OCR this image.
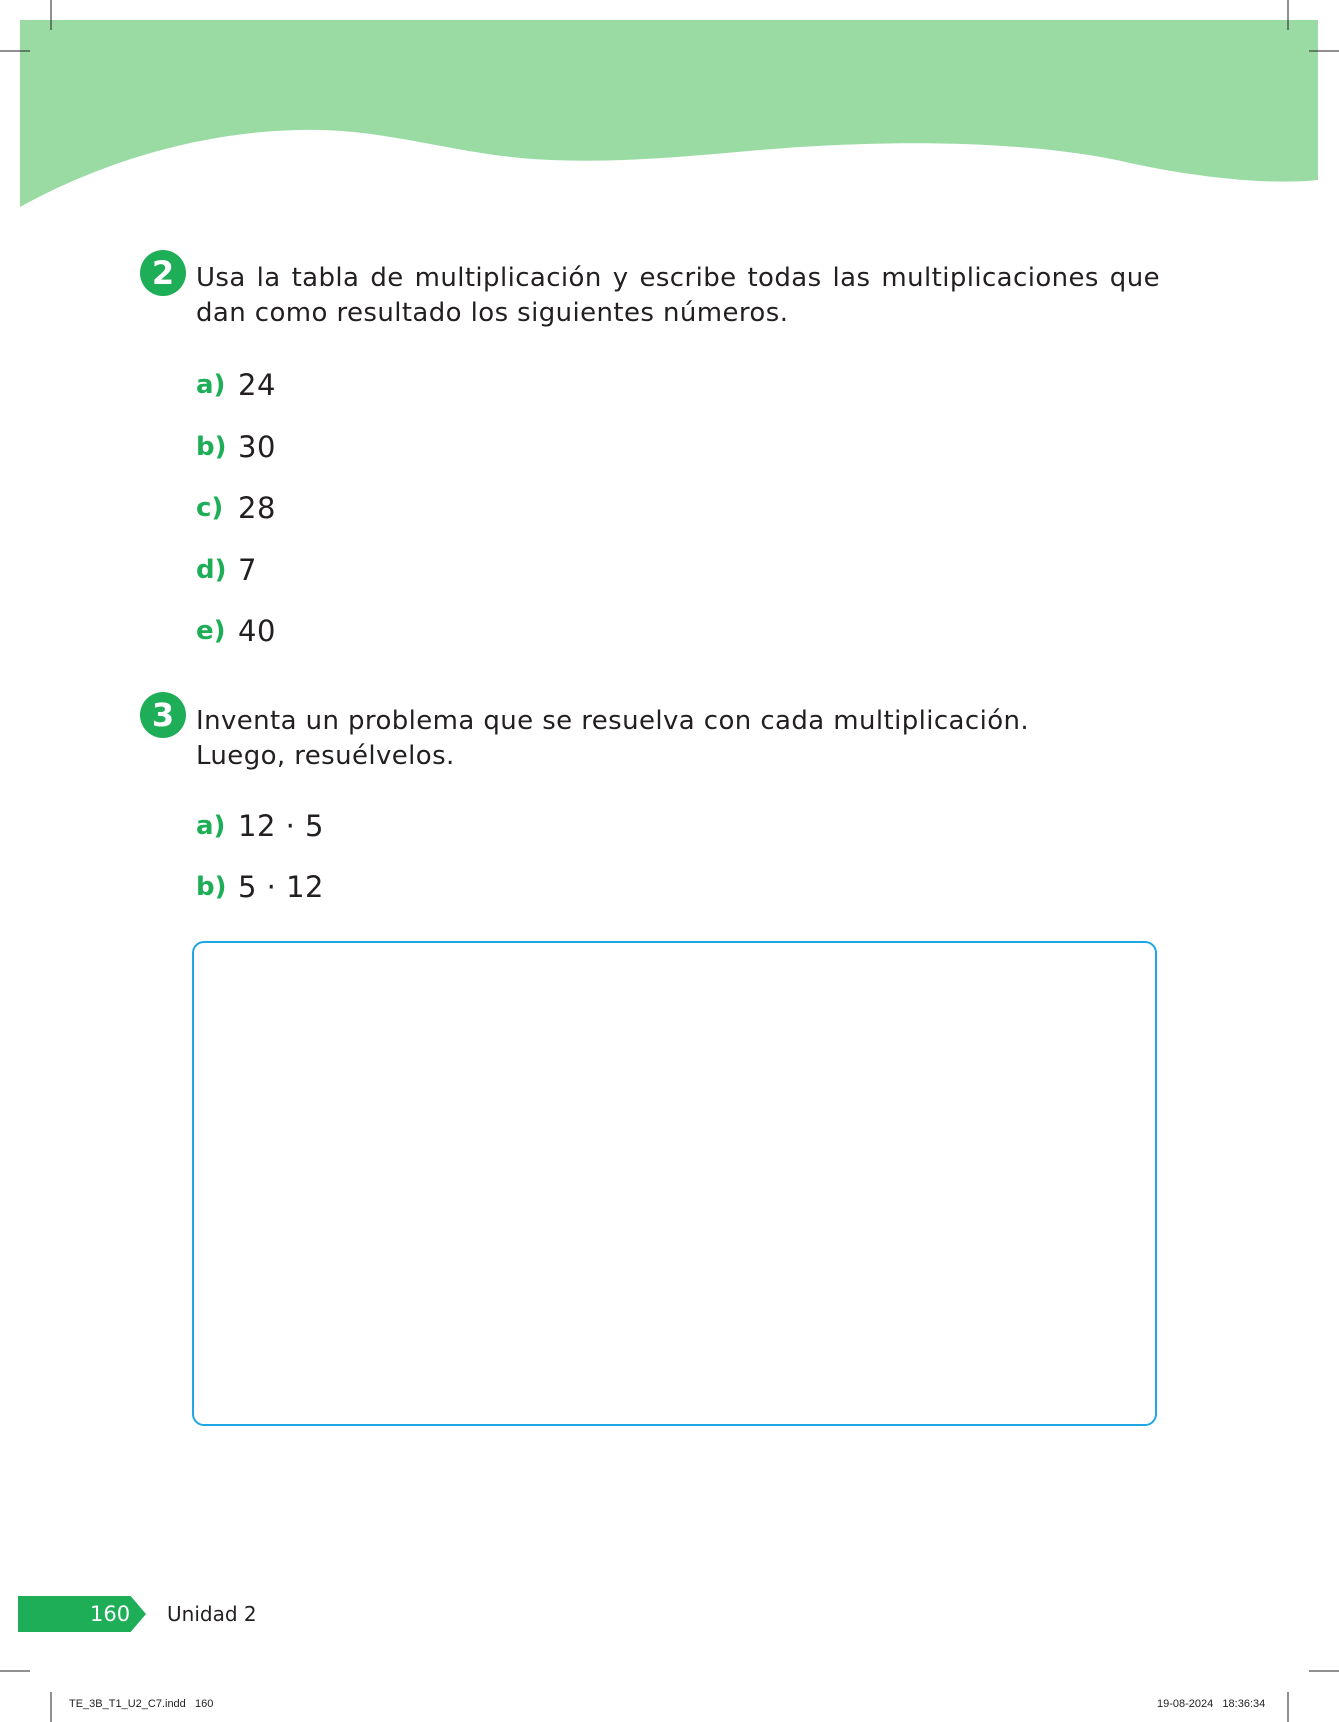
2 Usa la tabla de multiplicación y escribe todas las multiplicaciones que dan como resultado los siguientes números.
a) 24
b) 30
c) 28
d) 7
e) 40
3 Inventa un problema que se resuelva con cada multiplicación.
Luego, resuélvelos.
a) 12 · 5
b) 5 · 12
160 Unidad 2
TE_3B_T1_U2_C7.indd   160	19-08-2024   18:36:34
